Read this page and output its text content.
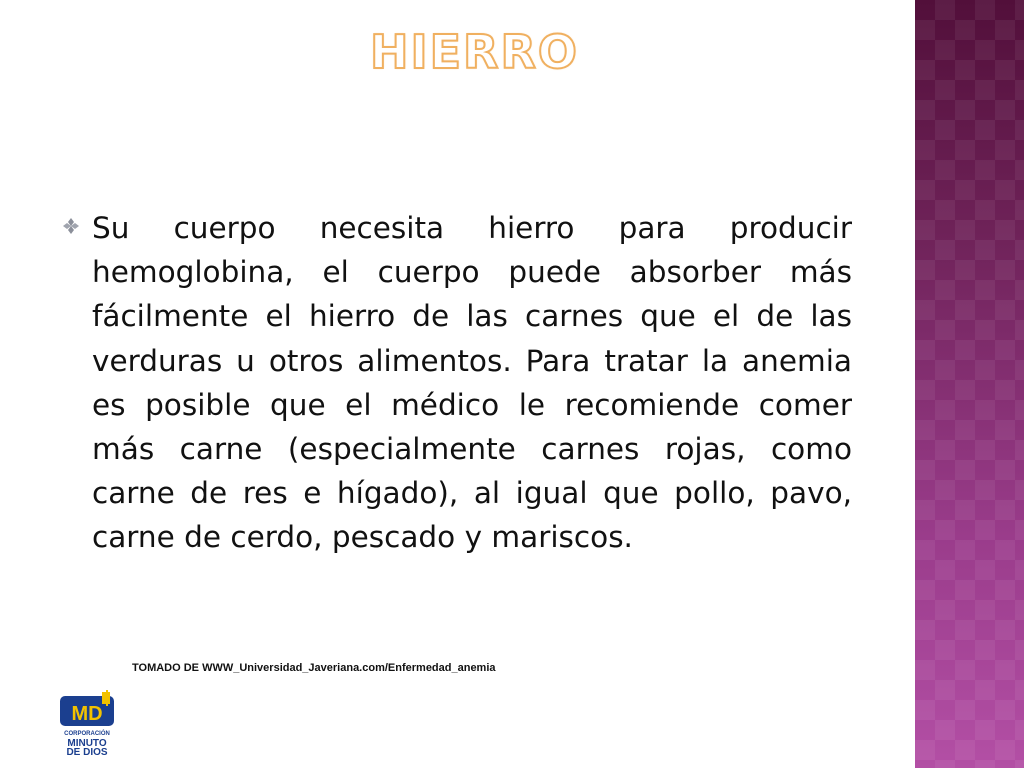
HIERRO

Su cuerpo necesita hierro para producir hemoglobina, el cuerpo puede absorber más fácilmente el hierro de las carnes que el de las verduras u otros alimentos. Para tratar la anemia es posible que el médico le recomiende comer más carne (especialmente carnes rojas, como carne de res e hígado), al igual que pollo, pavo, carne de cerdo, pescado y mariscos.

TOMADO DE WWW_Universidad_Javeriana.com/Enfermedad_anemia
MD
CORPORACIÓN
MINUTO
DE DIOS
